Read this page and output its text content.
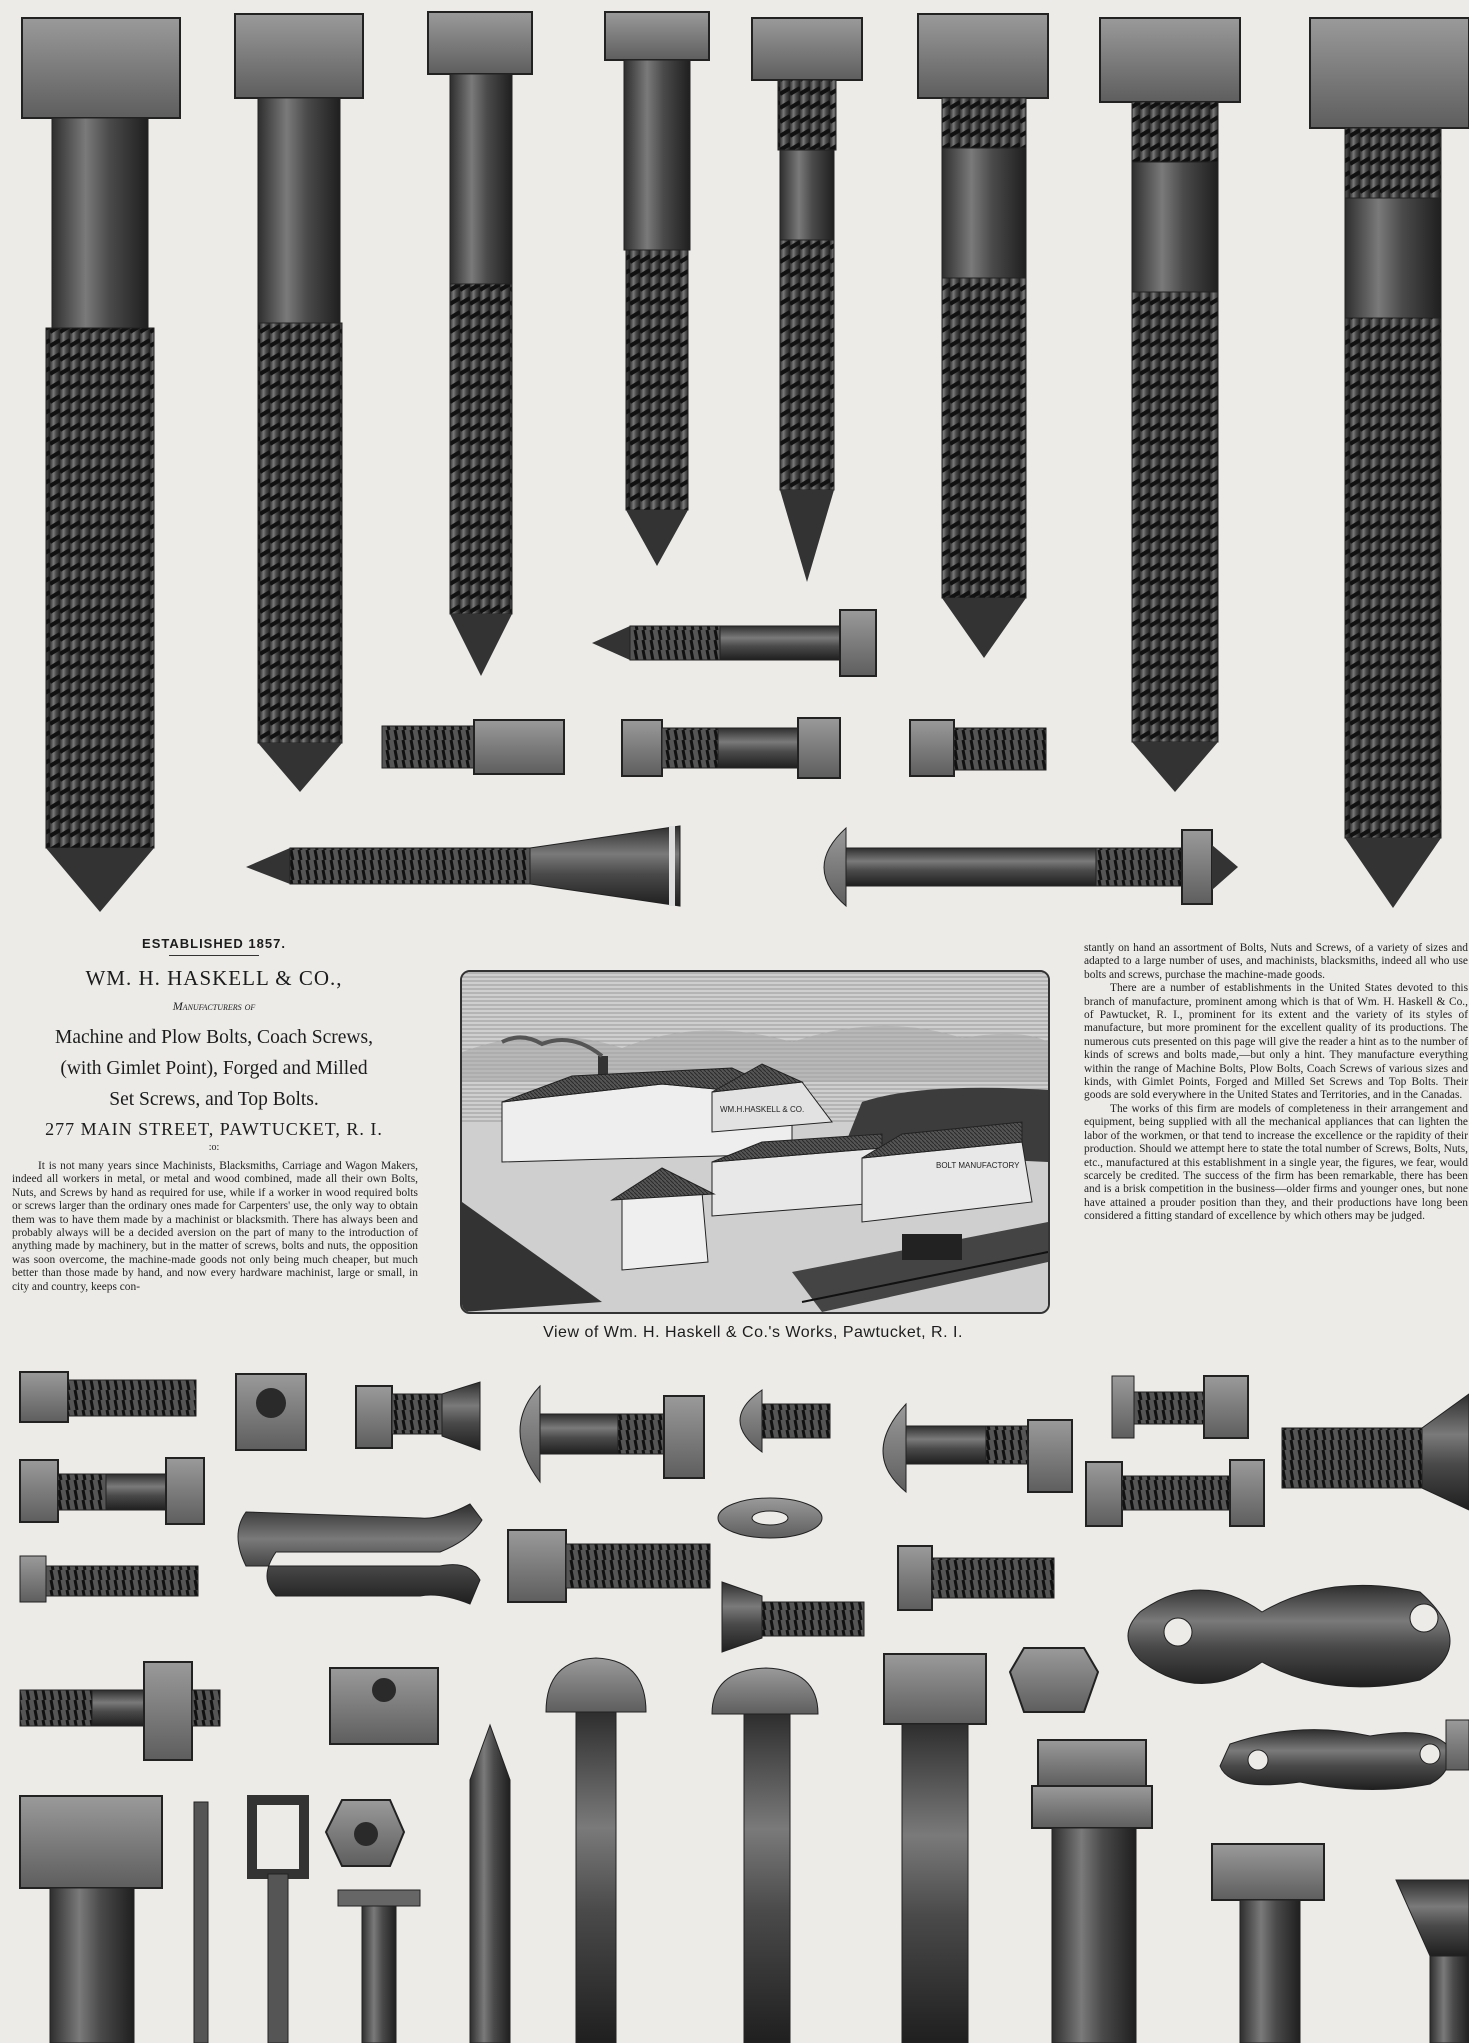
ESTABLISHED 1857.
WM. H. HASKELL & CO.,
Manufacturers of
Machine and Plow Bolts, Coach Screws,
(with Gimlet Point), Forged and Milled
Set Screws, and Top Bolts.
277 MAIN STREET, PAWTUCKET, R. I.
:o:
It is not many years since Machinists, Blacksmiths, Carriage and Wagon Makers, indeed all workers in metal, or metal and wood combined, made all their own Bolts, Nuts, and Screws by hand as required for use, while if a worker in wood required bolts or screws larger than the ordinary ones made for Carpenters' use, the only way to obtain them was to have them made by a machinist or blacksmith. There has always been and probably always will be a decided aversion on the part of many to the introduction of anything made by machinery, but in the matter of screws, bolts and nuts, the opposition was soon overcome, the machine-made goods not only being much cheaper, but much better than those made by hand, and now every hardware machinist, large or small, in city and country, keeps con-
WM.H.HASKELL & CO.
BOLT MANUFACTORY
View of Wm. H. Haskell & Co.'s Works, Pawtucket, R. I.

stantly on hand an assortment of Bolts, Nuts and Screws, of a variety of sizes and adapted to a large number of uses, and machinists, blacksmiths, indeed all who use bolts and screws, purchase the machine-made goods.

There are a number of establishments in the United States devoted to this branch of manufacture, prominent among which is that of Wm. H. Haskell & Co., of Pawtucket, R. I., prominent for its extent and the variety of its styles of manufacture, but more prominent for the excellent quality of its productions. The numerous cuts presented on this page will give the reader a hint as to the number of kinds of screws and bolts made,—but only a hint. They manufacture everything within the range of Machine Bolts, Plow Bolts, Coach Screws of various sizes and kinds, with Gimlet Points, Forged and Milled Set Screws and Top Bolts. Their goods are sold everywhere in the United States and Territories, and in the Canadas.

The works of this firm are models of completeness in their arrangement and equipment, being supplied with all the mechanical appliances that can lighten the labor of the workmen, or that tend to increase the excellence or the rapidity of their production. Should we attempt here to state the total number of Screws, Bolts, Nuts, etc., manufactured at this establishment in a single year, the figures, we fear, would scarcely be credited. The success of the firm has been remarkable, there has been and is a brisk competition in the business—older firms and younger ones, but none have attained a prouder position than they, and their productions have long been considered a fitting standard of excellence by which others may be judged.
